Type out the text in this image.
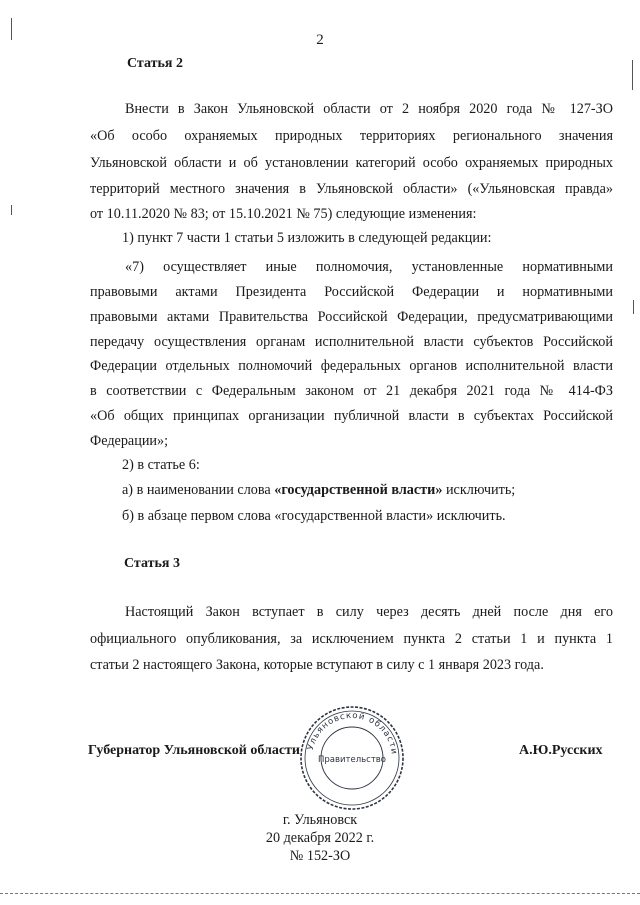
2

Статья 2

Внести в Закон Ульяновской области от 2 ноября 2020 года № 127-ЗО

«Об особо охраняемых природных территориях регионального значения

Ульяновской области и об установлении категорий особо охраняемых природных

территорий местного значения в Ульяновской области» («Ульяновская правда»

от 10.11.2020 № 83; от 15.10.2021 № 75) следующие изменения:

1) пункт 7 части 1 статьи 5 изложить в следующей редакции:

«7) осуществляет иные полномочия, установленные нормативными

правовыми актами Президента Российской Федерации и нормативными

правовыми актами Правительства Российской Федерации, предусматривающими

передачу осуществления органам исполнительной власти субъектов Российской

Федерации отдельных полномочий федеральных органов исполнительной власти

в соответствии с Федеральным законом от 21 декабря 2021 года № 414-ФЗ

«Об общих принципах организации публичной власти в субъектах Российской

Федерации»;

2) в статье 6:

а) в наименовании слова «государственной власти» исключить;

б) в абзаце первом слова «государственной власти» исключить.

Статья 3

Настоящий Закон вступает в силу через десять дней после дня его

официального опубликования, за исключением пункта 2 статьи 1 и пункта 1

статьи 2 настоящего Закона, которые вступают в силу с 1 января 2023 года.

Ульяновской области
Правительство

Губернатор Ульяновской области	А.Ю.Русских

г. Ульяновск

20 декабря 2022 г.

№ 152-ЗО
